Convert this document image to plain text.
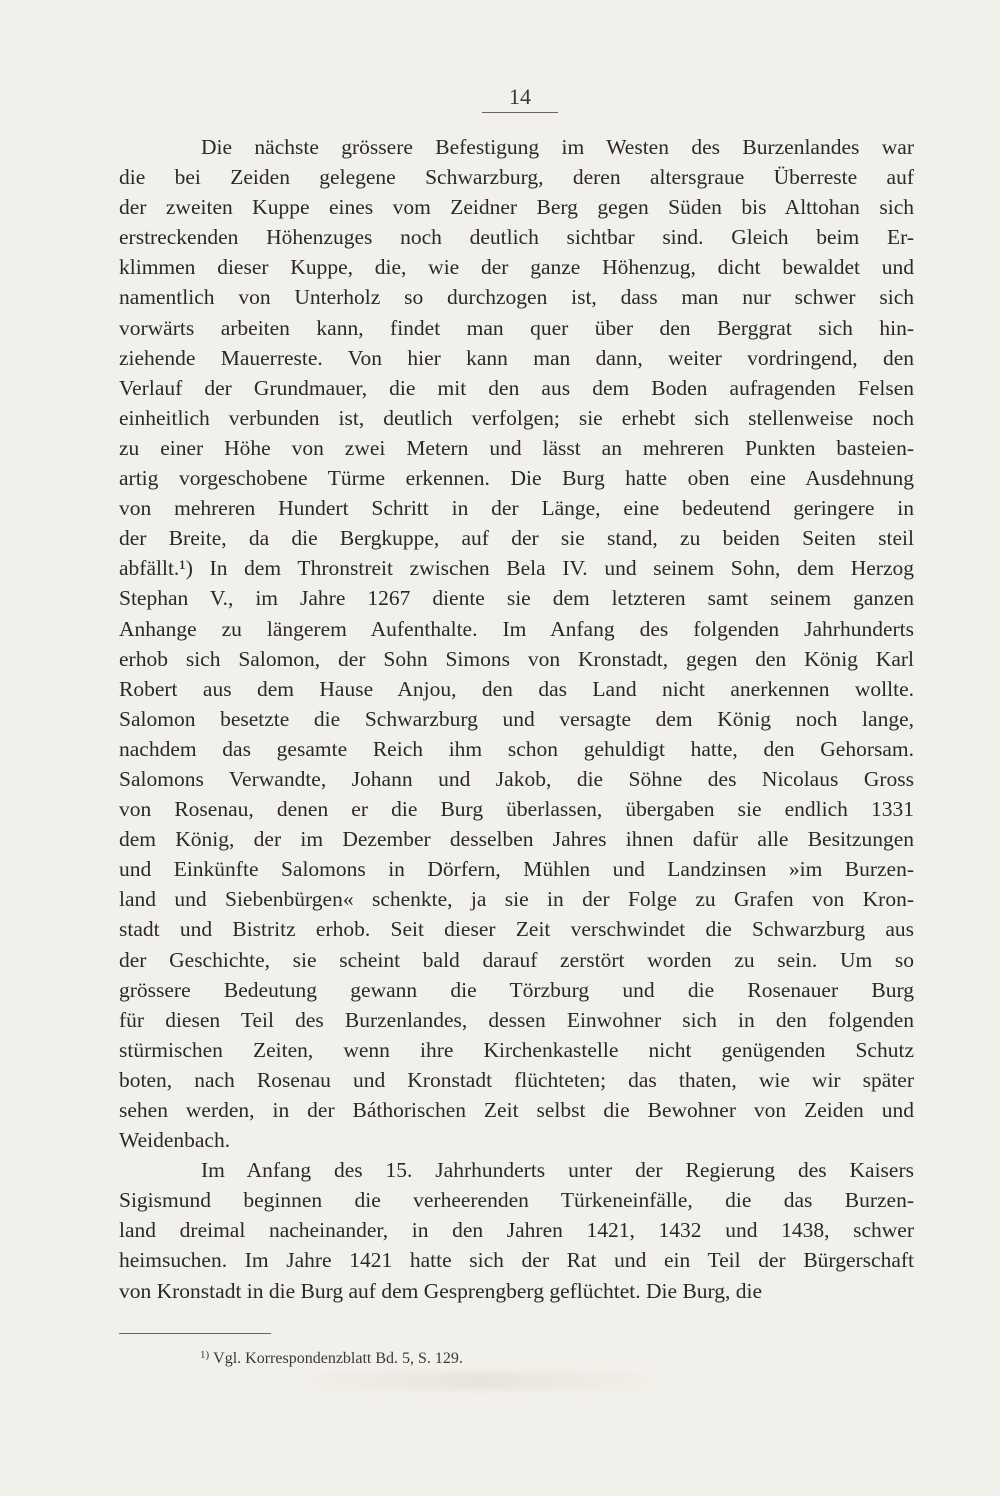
14
Die nächste grössere Befestigung im Westen des Burzenlandes war
die bei Zeiden gelegene Schwarzburg, deren altersgraue Überreste auf
der zweiten Kuppe eines vom Zeidner Berg gegen Süden bis Alttohan sich
erstreckenden Höhenzuges noch deutlich sichtbar sind. Gleich beim Er-
klimmen dieser Kuppe, die, wie der ganze Höhenzug, dicht bewaldet und
namentlich von Unterholz so durchzogen ist, dass man nur schwer sich
vorwärts arbeiten kann, findet man quer über den Berggrat sich hin-
ziehende Mauerreste. Von hier kann man dann, weiter vordringend, den
Verlauf der Grundmauer, die mit den aus dem Boden aufragenden Felsen
einheitlich verbunden ist, deutlich verfolgen; sie erhebt sich stellenweise noch
zu einer Höhe von zwei Metern und lässt an mehreren Punkten basteien-
artig vorgeschobene Türme erkennen. Die Burg hatte oben eine Ausdehnung
von mehreren Hundert Schritt in der Länge, eine bedeutend geringere in
der Breite, da die Bergkuppe, auf der sie stand, zu beiden Seiten steil
abfällt.¹) In dem Thronstreit zwischen Bela IV. und seinem Sohn, dem Herzog
Stephan V., im Jahre 1267 diente sie dem letzteren samt seinem ganzen
Anhange zu längerem Aufenthalte. Im Anfang des folgenden Jahrhunderts
erhob sich Salomon, der Sohn Simons von Kronstadt, gegen den König Karl
Robert aus dem Hause Anjou, den das Land nicht anerkennen wollte.
Salomon besetzte die Schwarzburg und versagte dem König noch lange,
nachdem das gesamte Reich ihm schon gehuldigt hatte, den Gehorsam.
Salomons Verwandte, Johann und Jakob, die Söhne des Nicolaus Gross
von Rosenau, denen er die Burg überlassen, übergaben sie endlich 1331
dem König, der im Dezember desselben Jahres ihnen dafür alle Besitzungen
und Einkünfte Salomons in Dörfern, Mühlen und Landzinsen »im Burzen-
land und Siebenbürgen« schenkte, ja sie in der Folge zu Grafen von Kron-
stadt und Bistritz erhob. Seit dieser Zeit verschwindet die Schwarzburg aus
der Geschichte, sie scheint bald darauf zerstört worden zu sein. Um so
grössere Bedeutung gewann die Törzburg und die Rosenauer Burg
für diesen Teil des Burzenlandes, dessen Einwohner sich in den folgenden
stürmischen Zeiten, wenn ihre Kirchenkastelle nicht genügenden Schutz
boten, nach Rosenau und Kronstadt flüchteten; das thaten, wie wir später
sehen werden, in der Báthorischen Zeit selbst die Bewohner von Zeiden und
Weidenbach.
Im Anfang des 15. Jahrhunderts unter der Regierung des Kaisers
Sigismund beginnen die verheerenden Türkeneinfälle, die das Burzen-
land dreimal nacheinander, in den Jahren 1421, 1432 und 1438, schwer
heimsuchen. Im Jahre 1421 hatte sich der Rat und ein Teil der Bürgerschaft
von Kronstadt in die Burg auf dem Gesprengberg geflüchtet. Die Burg, die
$^{1)}$ Vgl. Korrespondenzblatt Bd. 5, S. 129.
